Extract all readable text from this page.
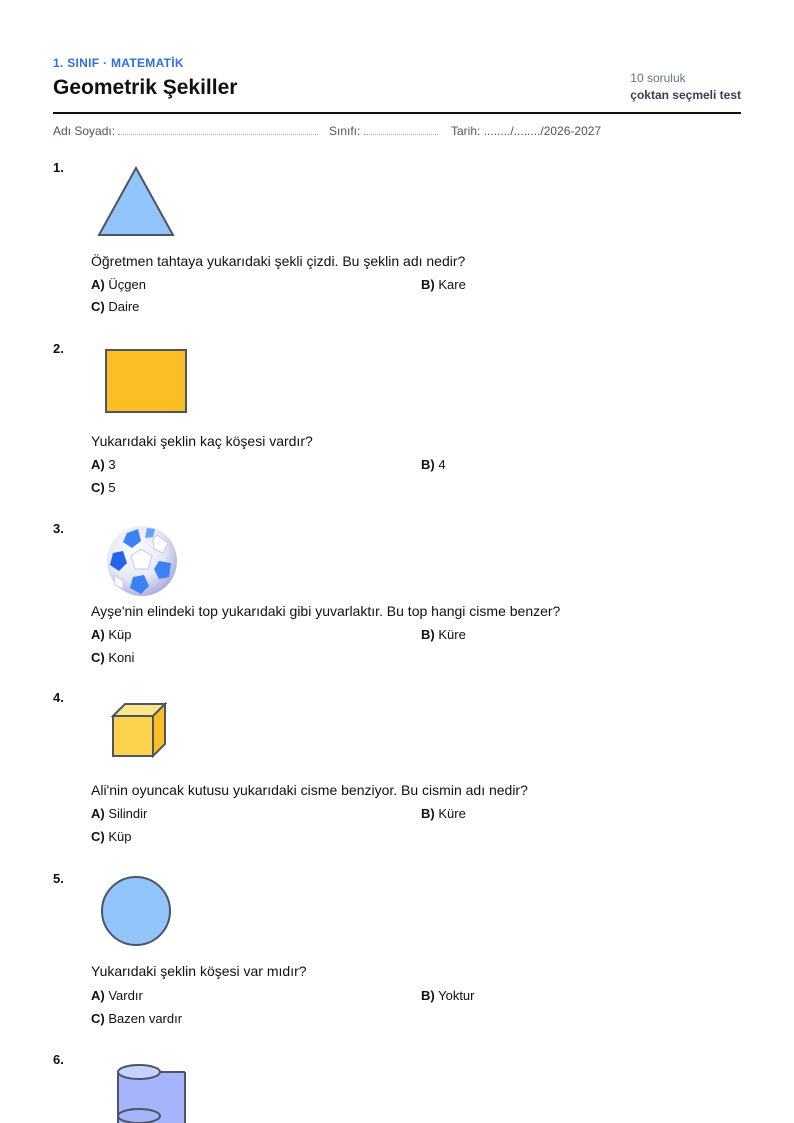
1. SINIF · MATEMATİK
Geometrik Şekiller	10 soruluk
çoktan seçmeli test
Adı Soyadı:	Sınıfı:	Tarih: ......../......../2026-2027
1.
Öğretmen tahtaya yukarıdaki şekli çizdi. Bu şeklin adı nedir?
A) Üçgen	B) Kare
C) Daire
2.
Yukarıdaki şeklin kaç köşesi vardır?
A) 3	B) 4
C) 5
3.
Ayşe'nin elindeki top yukarıdaki gibi yuvarlaktır. Bu top hangi cisme benzer?
A) Küp	B) Küre
C) Koni
4.
Ali'nin oyuncak kutusu yukarıdaki cisme benziyor. Bu cismin adı nedir?
A) Silindir	B) Küre
C) Küp
5.
Yukarıdaki şeklin köşesi var mıdır?
A) Vardır	B) Yoktur
C) Bazen vardır
6.
